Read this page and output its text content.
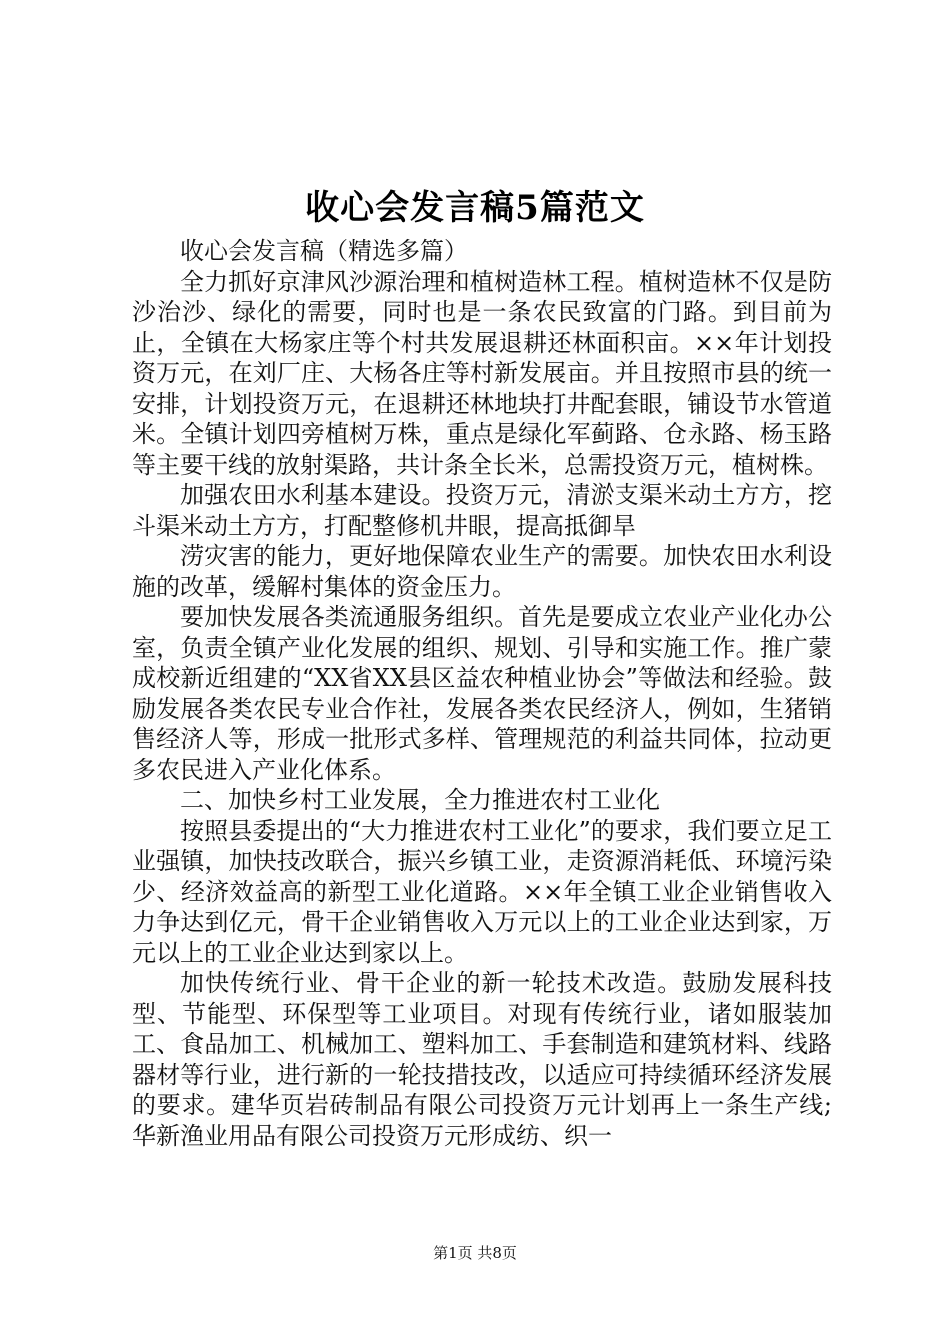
收心会发言稿5篇范文

收心会发言稿（精选多篇）

全力抓好京津风沙源治理和植树造林工程。植树造林不仅是防沙治沙、绿化的需要，同时也是一条农民致富的门路。到目前为止，全镇在大杨家庄等个村共发展退耕还林面积亩。××年计划投资万元，在刘厂庄、大杨各庄等村新发展亩。并且按照市县的统一安排，计划投资万元，在退耕还林地块打井配套眼，铺设节水管道米。全镇计划四旁植树万株，重点是绿化军蓟路、仓永路、杨玉路等主要干线的放射渠路，共计条全长米，总需投资万元，植树株。

加强农田水利基本建设。投资万元，清淤支渠米动土方方，挖斗渠米动土方方，打配整修机井眼，提高抵御旱

涝灾害的能力，更好地保障农业生产的需要。加快农田水利设施的改革，缓解村集体的资金压力。

要加快发展各类流通服务组织。首先是要成立农业产业化办公室，负责全镇产业化发展的组织、规划、引导和实施工作。推广蒙成校新近组建的“XX省XX县区益农种植业协会”等做法和经验。鼓励发展各类农民专业合作社，发展各类农民经济人，例如，生猪销售经济人等，形成一批形式多样、管理规范的利益共同体，拉动更多农民进入产业化体系。

二、加快乡村工业发展，全力推进农村工业化

按照县委提出的“大力推进农村工业化”的要求，我们要立足工业强镇，加快技改联合，振兴乡镇工业，走资源消耗低、环境污染少、经济效益高的新型工业化道路。××年全镇工业企业销售收入力争达到亿元，骨干企业销售收入万元以上的工业企业达到家，万元以上的工业企业达到家以上。

加快传统行业、骨干企业的新一轮技术改造。鼓励发展科技型、节能型、环保型等工业项目。对现有传统行业，诸如服装加工、食品加工、机械加工、塑料加工、手套制造和建筑材料、线路器材等行业，进行新的一轮技措技改，以适应可持续循环经济发展的要求。建华页岩砖制品有限公司投资万元计划再上一条生产线;华新渔业用品有限公司投资万元形成纺、织一

第1页 共8页
